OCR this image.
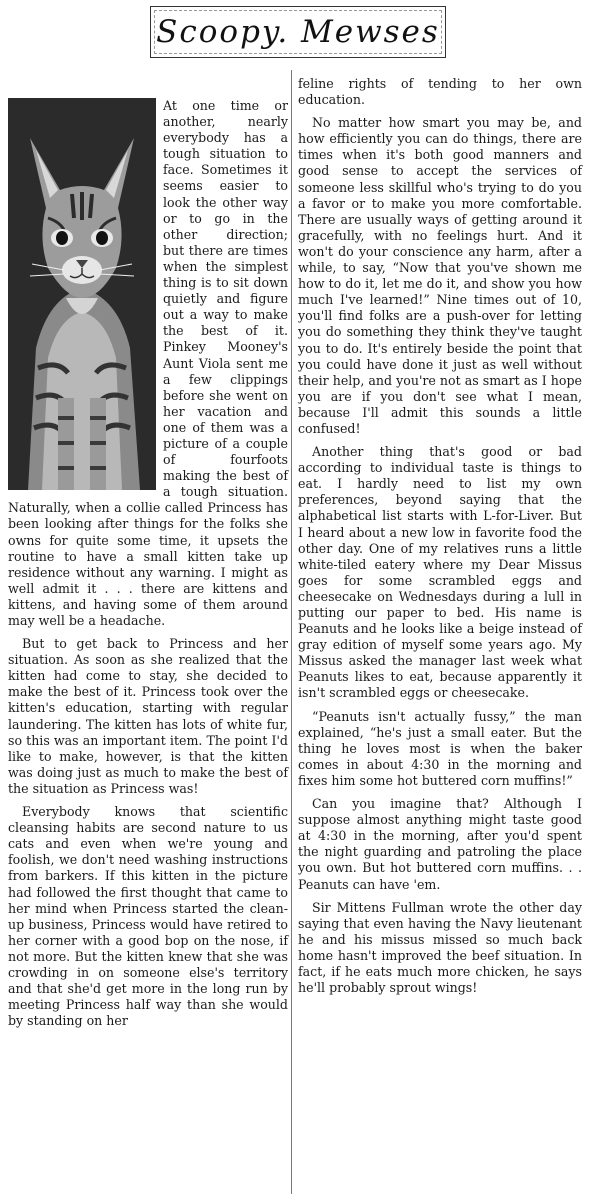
Scoopy. Mewses

At one time or another, nearly everybody has a tough situation to face. Sometimes it seems easier to look the other way or to go in the other direction; but there are times when the simplest thing is to sit down quietly and figure out a way to make the best of it. Pinkey Mooney's Aunt Viola sent me a few clippings before she went on her vacation and one of them was a picture of a couple of fourfoots making the best of a tough situation. Naturally, when a collie called Princess has been looking after things for the folks she owns for quite some time, it upsets the routine to have a small kitten take up residence without any warning. I might as well admit it . . . there are kittens and kittens, and having some of them around may well be a headache.

But to get back to Princess and her situation. As soon as she realized that the kitten had come to stay, she decided to make the best of it. Princess took over the kitten's education, starting with regular laundering. The kitten has lots of white fur, so this was an important item. The point I'd like to make, however, is that the kitten was doing just as much to make the best of the situation as Princess was!

Everybody knows that scientific cleansing habits are second nature to us cats and even when we're young and foolish, we don't need washing instructions from barkers. If this kitten in the picture had followed the first thought that came to her mind when Princess started the clean-up business, Princess would have retired to her corner with a good bop on the nose, if not more. But the kitten knew that she was crowding in on someone else's territory and that she'd get more in the long run by meeting Princess half way than she would by standing on her

feline rights of tending to her own education.

No matter how smart you may be, and how efficiently you can do things, there are times when it's both good manners and good sense to accept the services of someone less skillful who's trying to do you a favor or to make you more comfortable. There are usually ways of getting around it gracefully, with no feelings hurt. And it won't do your conscience any harm, after a while, to say, “Now that you've shown me how to do it, let me do it, and show you how much I've learned!” Nine times out of 10, you'll find folks are a push-over for letting you do something they think they've taught you to do. It's entirely beside the point that you could have done it just as well without their help, and you're not as smart as I hope you are if you don't see what I mean, because I'll admit this sounds a little confused!

Another thing that's good or bad according to individual taste is things to eat. I hardly need to list my own preferences, beyond saying that the alphabetical list starts with L-for-Liver. But I heard about a new low in favorite food the other day. One of my relatives runs a little white-tiled eatery where my Dear Missus goes for some scrambled eggs and cheesecake on Wednesdays during a lull in putting our paper to bed. His name is Peanuts and he looks like a beige instead of gray edition of myself some years ago. My Missus asked the manager last week what Peanuts likes to eat, because apparently it isn't scrambled eggs or cheesecake.

“Peanuts isn't actually fussy,” the man explained, “he's just a small eater. But the thing he loves most is when the baker comes in about 4:30 in the morning and fixes him some hot buttered corn muffins!”

Can you imagine that? Although I suppose almost anything might taste good at 4:30 in the morning, after you'd spent the night guarding and patroling the place you own. But hot buttered corn muffins. . . Peanuts can have 'em.

Sir Mittens Fullman wrote the other day saying that even having the Navy lieutenant he and his missus missed so much back home hasn't improved the beef situation. In fact, if he eats much more chicken, he says he'll probably sprout wings!
